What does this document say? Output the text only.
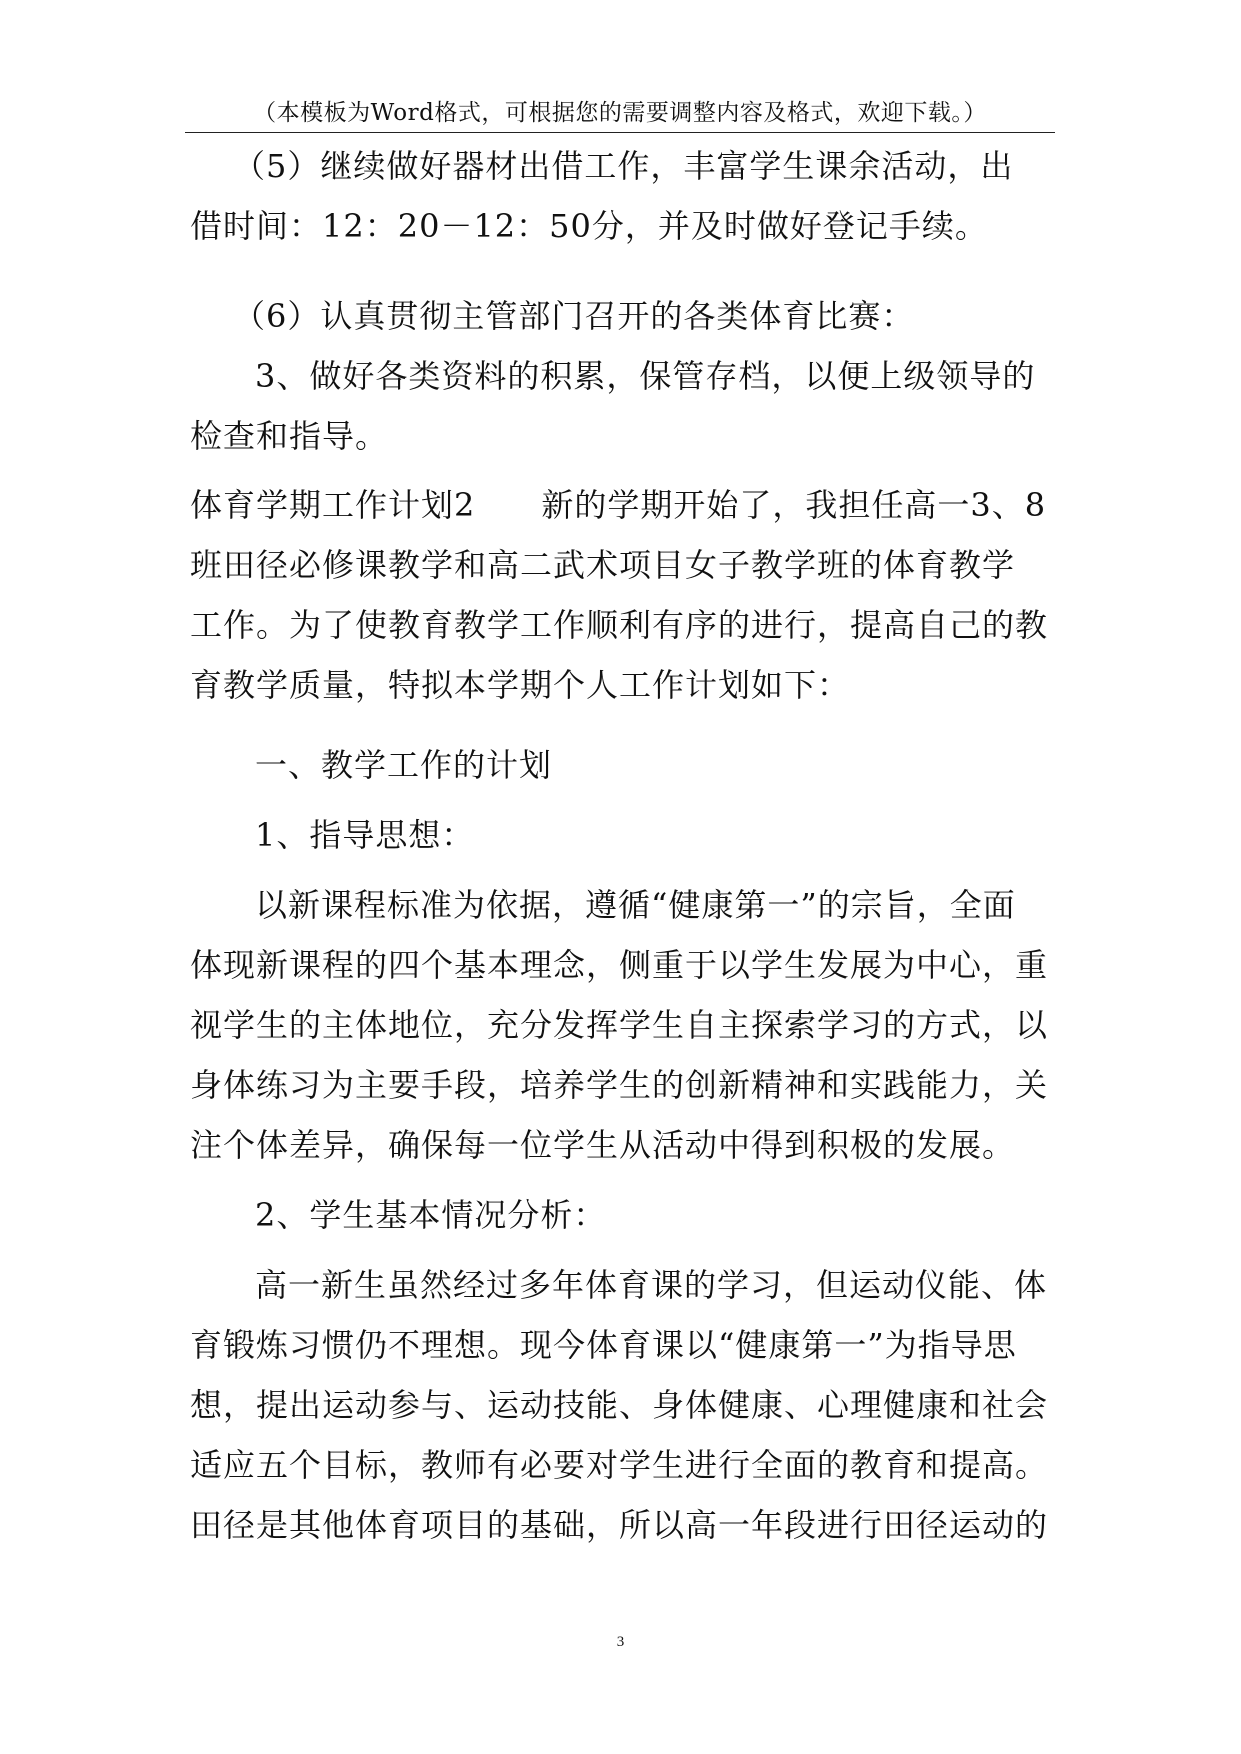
（本模板为Word格式，可根据您的需要调整内容及格式，欢迎下载。）
（5）继续做好器材出借工作，丰富学生课余活动，出
借时间：12：20－12：50分，并及时做好登记手续。
（6）认真贯彻主管部门召开的各类体育比赛：
3、做好各类资料的积累，保管存档，以便上级领导的
检查和指导。
体育学期工作计划2　　新的学期开始了，我担任高一3、8
班田径必修课教学和高二武术项目女子教学班的体育教学
工作。为了使教育教学工作顺利有序的进行，提高自己的教
育教学质量，特拟本学期个人工作计划如下：
一、教学工作的计划
1、指导思想：
以新课程标准为依据，遵循“健康第一”的宗旨，全面
体现新课程的四个基本理念，侧重于以学生发展为中心，重
视学生的主体地位，充分发挥学生自主探索学习的方式，以
身体练习为主要手段，培养学生的创新精神和实践能力，关
注个体差异，确保每一位学生从活动中得到积极的发展。
2、学生基本情况分析：
高一新生虽然经过多年体育课的学习，但运动仪能、体
育锻炼习惯仍不理想。现今体育课以“健康第一”为指导思
想，提出运动参与、运动技能、身体健康、心理健康和社会
适应五个目标，教师有必要对学生进行全面的教育和提高。
田径是其他体育项目的基础，所以高一年段进行田径运动的
3
